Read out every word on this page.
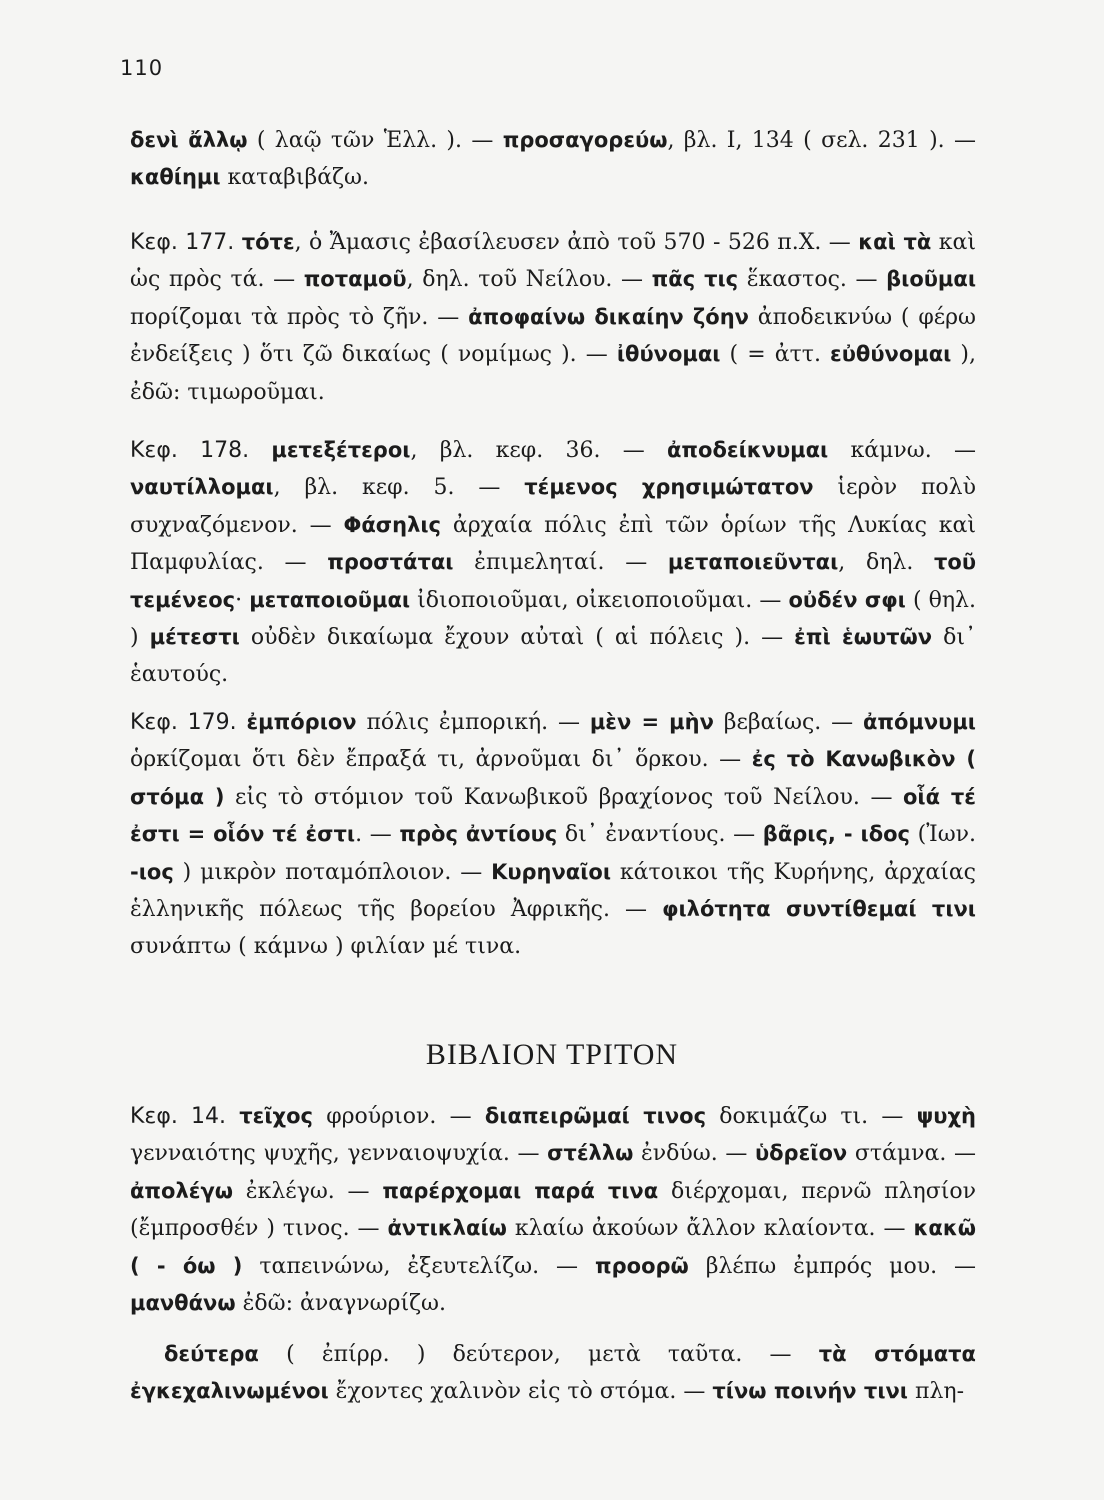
110

δενὶ ἄλλῳ ( λαῷ τῶν Ἑλλ. ). — προσαγορεύω, βλ. Ι, 134 ( σελ. 231 ). — καθίημι καταβιβάζω.

Κεφ. 177. τότε, ὁ Ἄμασις ἐβασίλευσεν ἀπὸ τοῦ 570 - 526 π.Χ. — καὶ τὰ καὶ ὡς πρὸς τά. — ποταμοῦ, δηλ. τοῦ Νείλου. — πᾶς τις ἕκαστος. — βιοῦμαι πορίζομαι τὰ πρὸς τὸ ζῆν. — ἀποφαίνω δικαίην ζόην ἀποδεικνύω ( φέρω ἐνδείξεις ) ὅτι ζῶ δικαίως ( νομίμως ). — ἰθύνομαι ( = ἀττ. εὐθύνομαι ), ἐδῶ: τιμωροῦμαι.

Κεφ. 178. μετεξέτεροι, βλ. κεφ. 36. — ἀποδείκνυμαι κάμνω. — ναυτίλλομαι, βλ. κεφ. 5. — τέμενος χρησιμώτατον ἱερὸν πολὺ συχναζόμενον. — Φάσηλις ἀρχαία πόλις ἐπὶ τῶν ὁρίων τῆς Λυκίας καὶ Παμφυλίας. — προστάται ἐπιμεληταί. — μεταποιεῦνται, δηλ. τοῦ τεμένεος· μεταποιοῦμαι ἰδιοποιοῦμαι, οἰκειοποιοῦμαι. — οὐδέν σφι ( θηλ. ) μέτεστι οὐδὲν δικαίωμα ἔχουν αὐταὶ ( αἱ πόλεις ). — ἐπὶ ἑωυτῶν δι᾽ ἑαυτούς.

Κεφ. 179. ἐμπόριον πόλις ἐμπορική. — μὲν = μὴν βεβαίως. — ἀπόμνυμι ὁρκίζομαι ὅτι δὲν ἔπραξά τι, ἀρνοῦμαι δι᾽ ὅρκου. — ἐς τὸ Κανωβικὸν ( στόμα ) εἰς τὸ στόμιον τοῦ Κανωβικοῦ βραχίονος τοῦ Νείλου. — οἷά τέ ἐστι = οἷόν τέ ἐστι. — πρὸς ἀντίους δι᾽ ἐναντίους. — βᾶρις, - ιδος (Ἰων. -ιος ) μικρὸν ποταμόπλοιον. — Κυρηναῖοι κάτοικοι τῆς Κυρήνης, ἀρχαίας ἑλληνικῆς πόλεως τῆς βορείου Ἀφρικῆς. — φιλότητα συντίθεμαί τινι συνάπτω ( κάμνω ) φιλίαν μέ τινα.

ΒΙΒΛΙΟΝ ΤΡΙΤΟΝ

Κεφ. 14. τεῖχος φρούριον. — διαπειρῶμαί τινος δοκιμάζω τι. — ψυχὴ γενναιότης ψυχῆς, γενναιοψυχία. — στέλλω ἐνδύω. — ὑδρεῖον στάμνα. — ἀπολέγω ἐκλέγω. — παρέρχομαι παρά τινα διέρχομαι, περνῶ πλησίον (ἔμπροσθέν ) τινος. — ἀντικλαίω κλαίω ἀκούων ἄλλον κλαίοντα. — κακῶ ( - όω ) ταπεινώνω, ἐξευτελίζω. — προορῶ βλέπω ἐμπρός μου. — μανθάνω ἐδῶ: ἀναγνωρίζω.

δεύτερα ( ἐπίρρ. ) δεύτερον, μετὰ ταῦτα. — τὰ στόματα ἐγκεχαλινωμένοι ἔχοντες χαλινὸν εἰς τὸ στόμα. — τίνω ποινήν τινι πλη-
